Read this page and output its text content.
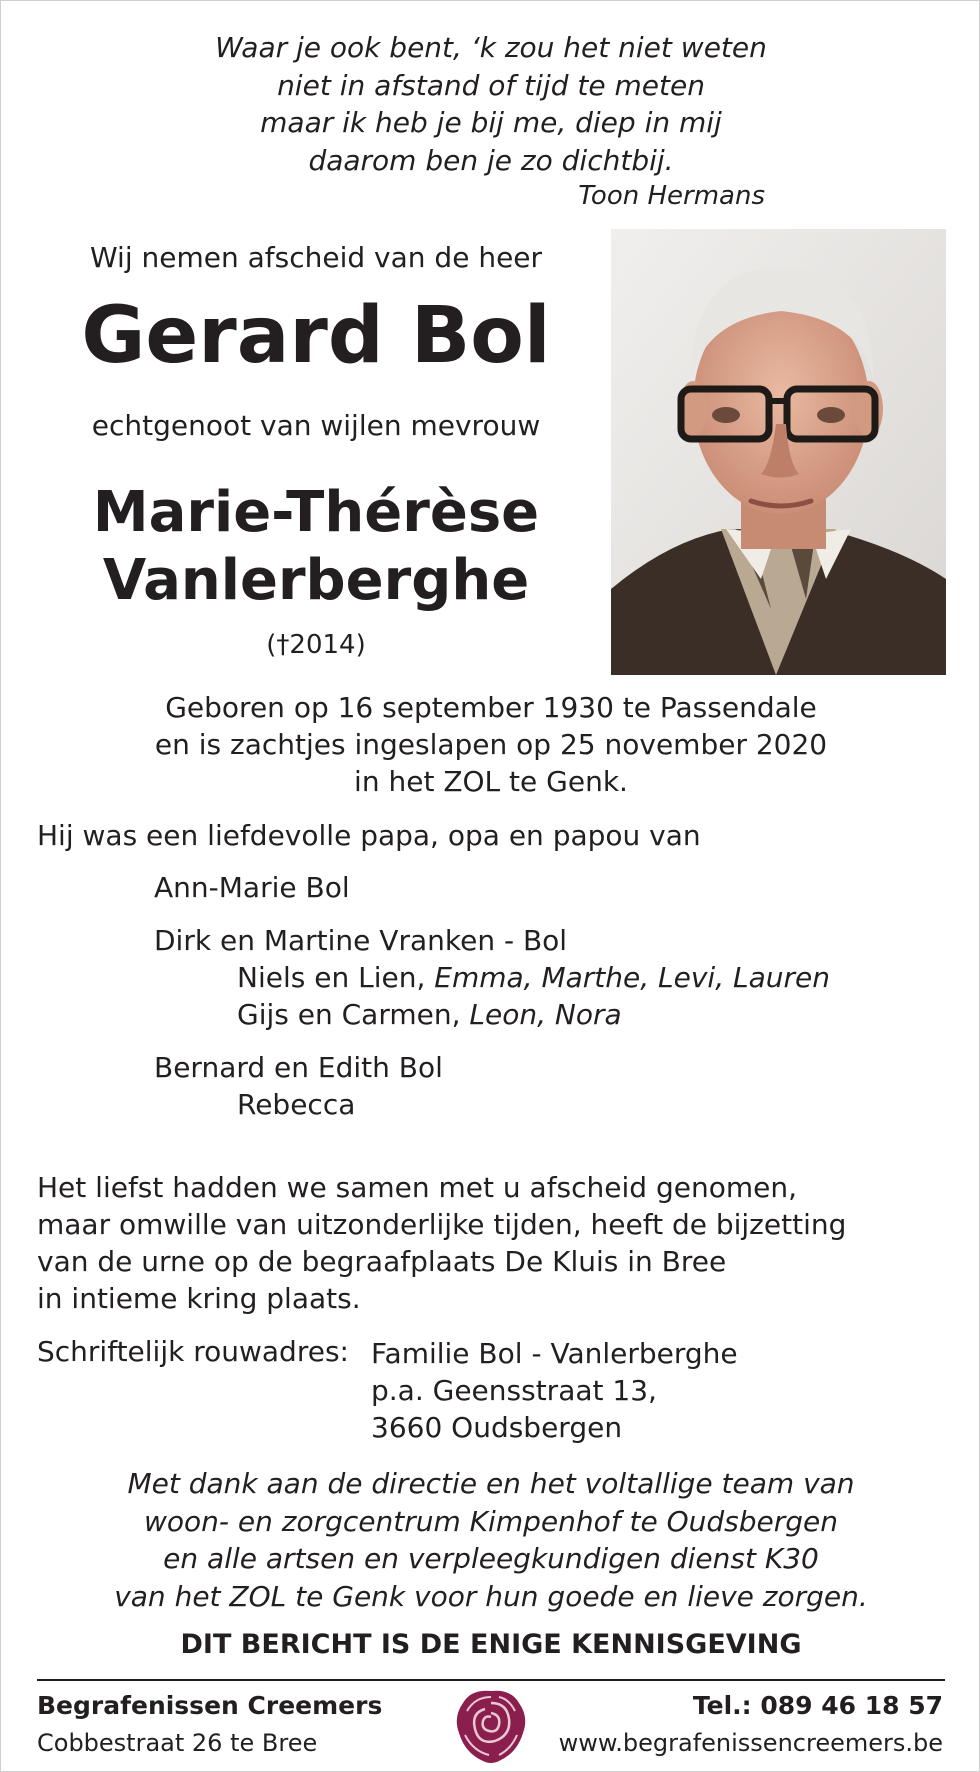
Waar je ook bent, ‘k zou het niet weten
niet in afstand of tijd te meten
maar ik heb je bij me, diep in mij
daarom ben je zo dichtbij.
Toon Hermans
Wij nemen afscheid van de heer
Gerard Bol
echtgenoot van wijlen mevrouw
Marie-Thérèse
Vanlerberghe
(†2014)
Geboren op 16 september 1930 te Passendale
en is zachtjes ingeslapen op 25 november 2020
in het ZOL te Genk.
Hij was een liefdevolle papa, opa en papou van
Ann-Marie Bol
Dirk en Martine Vranken - Bol
Niels en Lien, Emma, Marthe, Levi, Lauren
Gijs en Carmen, Leon, Nora
Bernard en Edith Bol
Rebecca
Het liefst hadden we samen met u afscheid genomen,
maar omwille van uitzonderlijke tijden, heeft de bijzetting
van de urne op de begraafplaats De Kluis in Bree
in intieme kring plaats.
Schriftelijk rouwadres: Familie Bol - Vanlerberghe
p.a. Geensstraat 13,
3660 Oudsbergen
Met dank aan de directie en het voltallige team van
woon- en zorgcentrum Kimpenhof te Oudsbergen
en alle artsen en verpleegkundigen dienst K30
van het ZOL te Genk voor hun goede en lieve zorgen.
DIT BERICHT IS DE ENIGE KENNISGEVING
Begrafenissen Creemers
Cobbestraat 26 te Bree
Tel.: 089 46 18 57
www.begrafenissencreemers.be
